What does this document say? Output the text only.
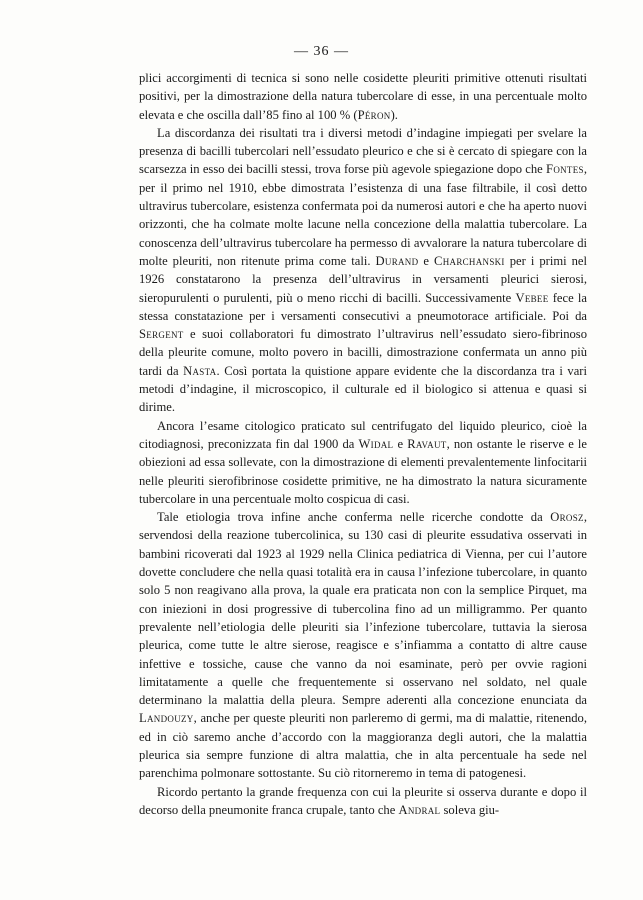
— 36 —

plici accorgimenti di tecnica si sono nelle cosidette pleuriti primitive ottenuti risultati positivi, per la dimostrazione della natura tubercolare di esse, in una percentuale molto elevata e che oscilla dall’85 fino al 100 % (Péron).

La discordanza dei risultati tra i diversi metodi d’indagine impiegati per svelare la presenza di bacilli tubercolari nell’essudato pleurico e che si è cercato di spiegare con la scarsezza in esso dei bacilli stessi, trova forse più agevole spiegazione dopo che Fontes, per il primo nel 1910, ebbe dimostrata l’esistenza di una fase filtrabile, il così detto ultravirus tubercolare, esistenza confermata poi da numerosi autori e che ha aperto nuovi orizzonti, che ha colmate molte lacune nella concezione della malattia tubercolare. La conoscenza dell’ultravirus tubercolare ha permesso di avvalorare la natura tubercolare di molte pleuriti, non ritenute prima come tali. Durand e Charchanski per i primi nel 1926 constatarono la presenza dell’ultravirus in versamenti pleurici sierosi, sieropurulenti o purulenti, più o meno ricchi di bacilli. Successivamente Vebee fece la stessa constatazione per i versamenti consecutivi a pneumotorace artificiale. Poi da Sergent e suoi collaboratori fu dimostrato l’ultravirus nell’essudato siero-fibrinoso della pleurite comune, molto povero in bacilli, dimostrazione confermata un anno più tardi da Nasta. Così portata la quistione appare evidente che la discordanza tra i vari metodi d’indagine, il microscopico, il culturale ed il biologico si attenua e quasi si dirime.

Ancora l’esame citologico praticato sul centrifugato del liquido pleurico, cioè la citodiagnosi, preconizzata fin dal 1900 da Widal e Ravaut, non ostante le riserve e le obiezioni ad essa sollevate, con la dimostrazione di elementi prevalentemente linfocitarii nelle pleuriti sierofibrinose cosidette primitive, ne ha dimostrato la natura sicuramente tubercolare in una percentuale molto cospicua di casi.

Tale etiologia trova infine anche conferma nelle ricerche condotte da Orosz, servendosi della reazione tubercolinica, su 130 casi di pleurite essudativa osservati in bambini ricoverati dal 1923 al 1929 nella Clinica pediatrica di Vienna, per cui l’autore dovette concludere che nella quasi totalità era in causa l’infezione tubercolare, in quanto solo 5 non reagivano alla prova, la quale era praticata non con la semplice Pirquet, ma con iniezioni in dosi progressive di tubercolina fino ad un milligrammo. Per quanto prevalente nell’etiologia delle pleuriti sia l’infezione tubercolare, tuttavia la sierosa pleurica, come tutte le altre sierose, reagisce e s’infiamma a contatto di altre cause infettive e tossiche, cause che vanno da noi esaminate, però per ovvie ragioni limitatamente a quelle che frequentemente si osservano nel soldato, nel quale determinano la malattia della pleura. Sempre aderenti alla concezione enunciata da Landouzy, anche per queste pleuriti non parleremo di germi, ma di malattie, ritenendo, ed in ciò saremo anche d’accordo con la maggioranza degli autori, che la malattia pleurica sia sempre funzione di altra malattia, che in alta percentuale ha sede nel parenchima polmonare sottostante. Su ciò ritorneremo in tema di patogenesi.

Ricordo pertanto la grande frequenza con cui la pleurite si osserva durante e dopo il decorso della pneumonite franca crupale, tanto che Andral soleva giu-
